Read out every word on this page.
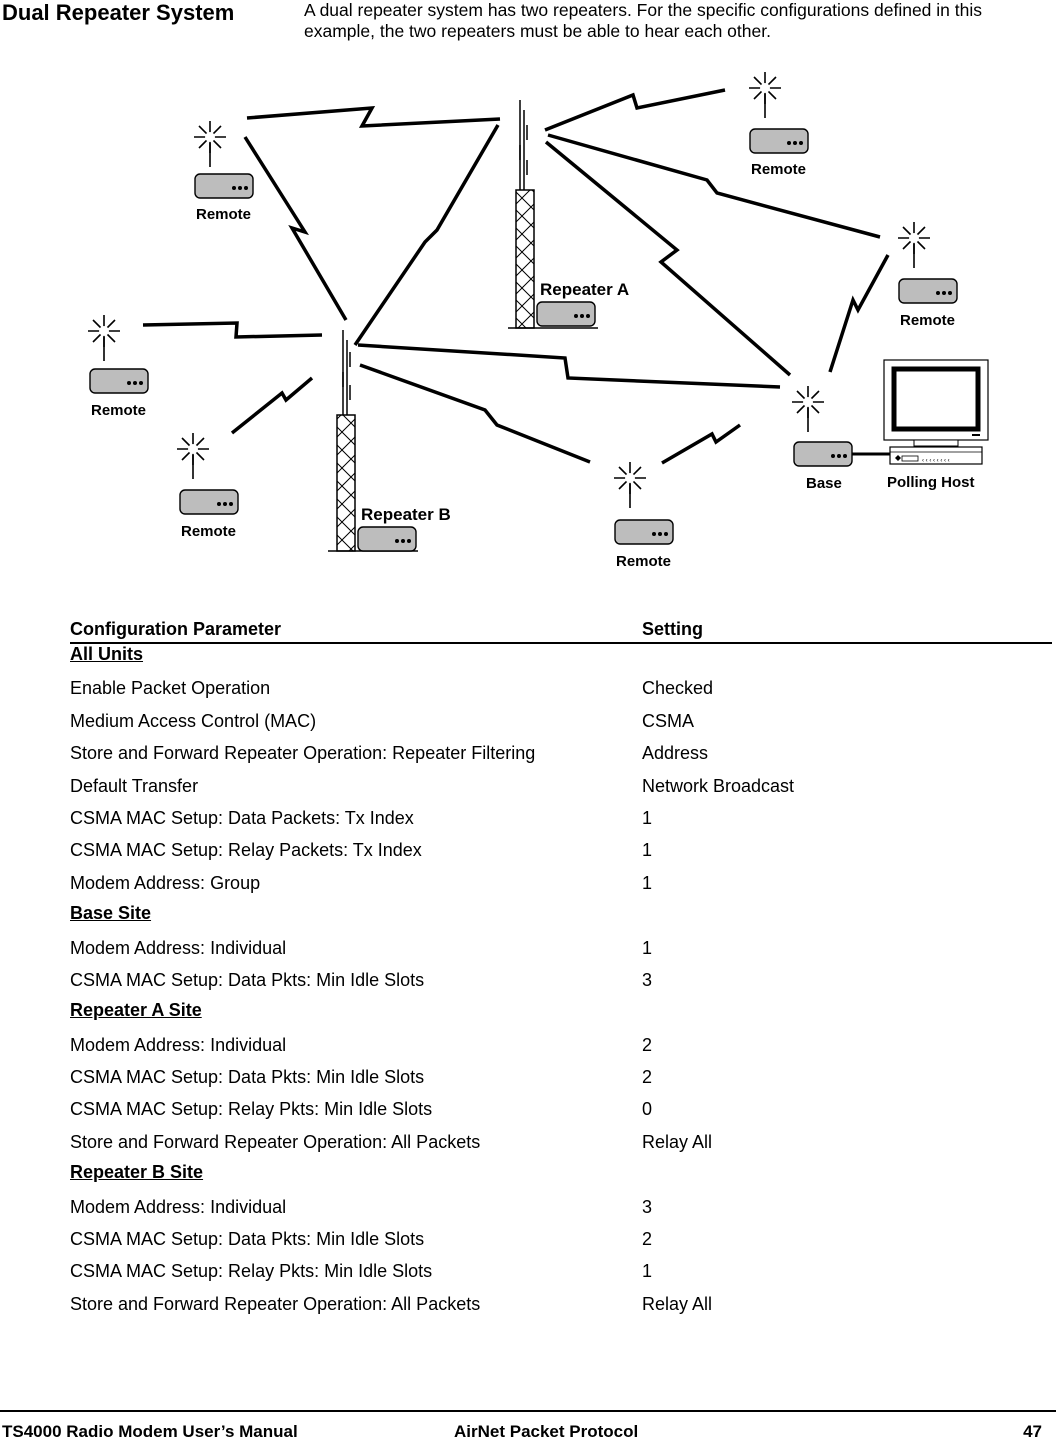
Dual Repeater System	A dual repeater system has two repeaters. For the specific configurations defined in this example, the two repeaters must be able to hear each other.
Repeater A
Repeater B
Remote
Remote
Remote
Remote
Remote
Remote
Base
‹ ‹ ‹ ‹ ‹ ‹ ‹ ‹
Polling Host
Configuration Parameter	Setting
All Units
Enable Packet Operation	Checked
Medium Access Control (MAC)	CSMA
Store and Forward Repeater Operation: Repeater Filtering	Address
Default Transfer	Network Broadcast
CSMA MAC Setup: Data Packets: Tx Index	1
CSMA MAC Setup: Relay Packets: Tx Index	1
Modem Address: Group	1
Base Site
Modem Address: Individual	1
CSMA MAC Setup: Data Pkts: Min Idle Slots	3
Repeater A Site
Modem Address: Individual	2
CSMA MAC Setup: Data Pkts: Min Idle Slots	2
CSMA MAC Setup: Relay Pkts: Min Idle Slots	0
Store and Forward Repeater Operation: All Packets	Relay All
Repeater B Site
Modem Address: Individual	3
CSMA MAC Setup: Data Pkts: Min Idle Slots	2
CSMA MAC Setup: Relay Pkts: Min Idle Slots	1
Store and Forward Repeater Operation: All Packets	Relay All
TS4000 Radio Modem User’s Manual	AirNet Packet Protocol	47
